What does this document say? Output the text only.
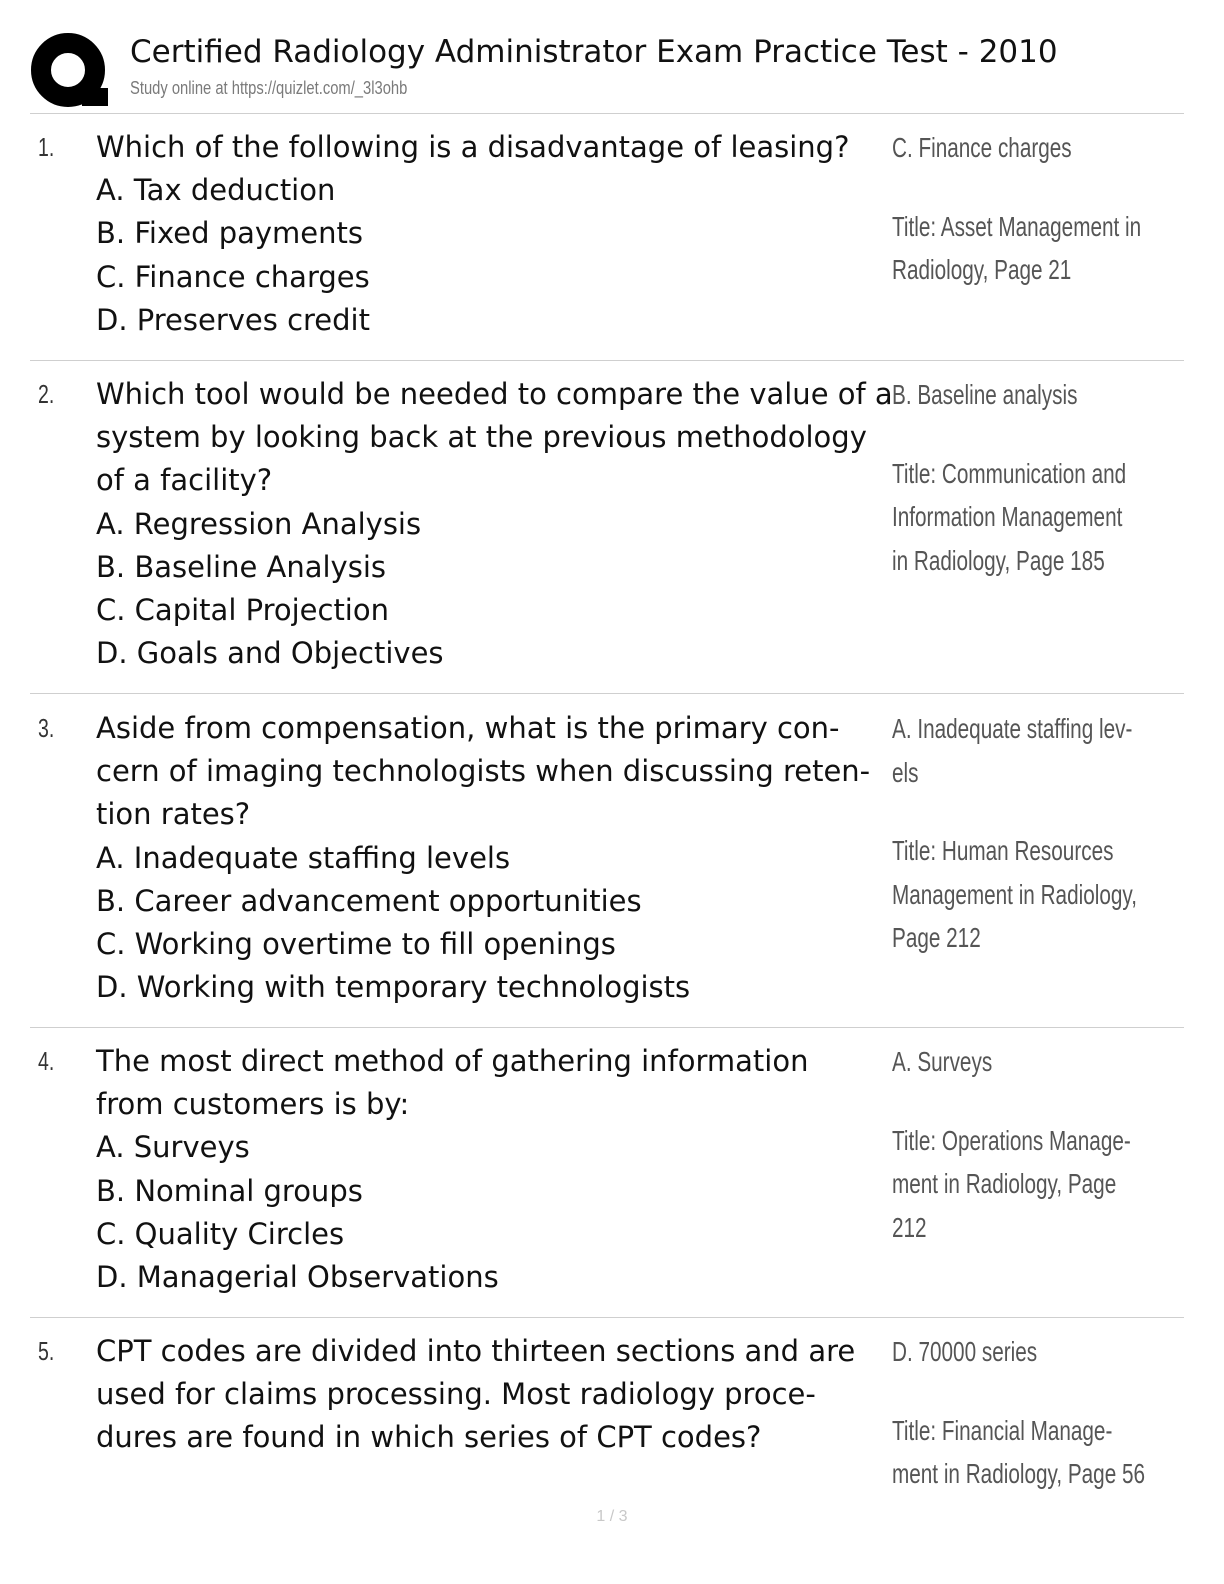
Certified Radiology Administrator Exam Practice Test - 2010
Study online at https://quizlet.com/_3l3ohb
1. Which of the following is a disadvantage of leasing?
A. Tax deduction
B. Fixed payments
C. Finance charges
D. Preserves credit
C. Finance charges
Title: Asset Management in
Radiology, Page 21
2. Which tool would be needed to compare the value of a
system by looking back at the previous methodology
of a facility?
A. Regression Analysis
B. Baseline Analysis
C. Capital Projection
D. Goals and Objectives
B. Baseline analysis
Title: Communication and
Information Management
in Radiology, Page 185
3. Aside from compensation, what is the primary con-
cern of imaging technologists when discussing reten-
tion rates?
A. Inadequate staffing levels
B. Career advancement opportunities
C. Working overtime to fill openings
D. Working with temporary technologists
A. Inadequate staffing lev-
els
Title: Human Resources
Management in Radiology,
Page 212
4. The most direct method of gathering information
from customers is by:
A. Surveys
B. Nominal groups
C. Quality Circles
D. Managerial Observations
A. Surveys
Title: Operations Manage-
ment in Radiology, Page
212
5. CPT codes are divided into thirteen sections and are
used for claims processing. Most radiology proce-
dures are found in which series of CPT codes?
D. 70000 series
Title: Financial Manage-
ment in Radiology, Page 56
1 / 3
